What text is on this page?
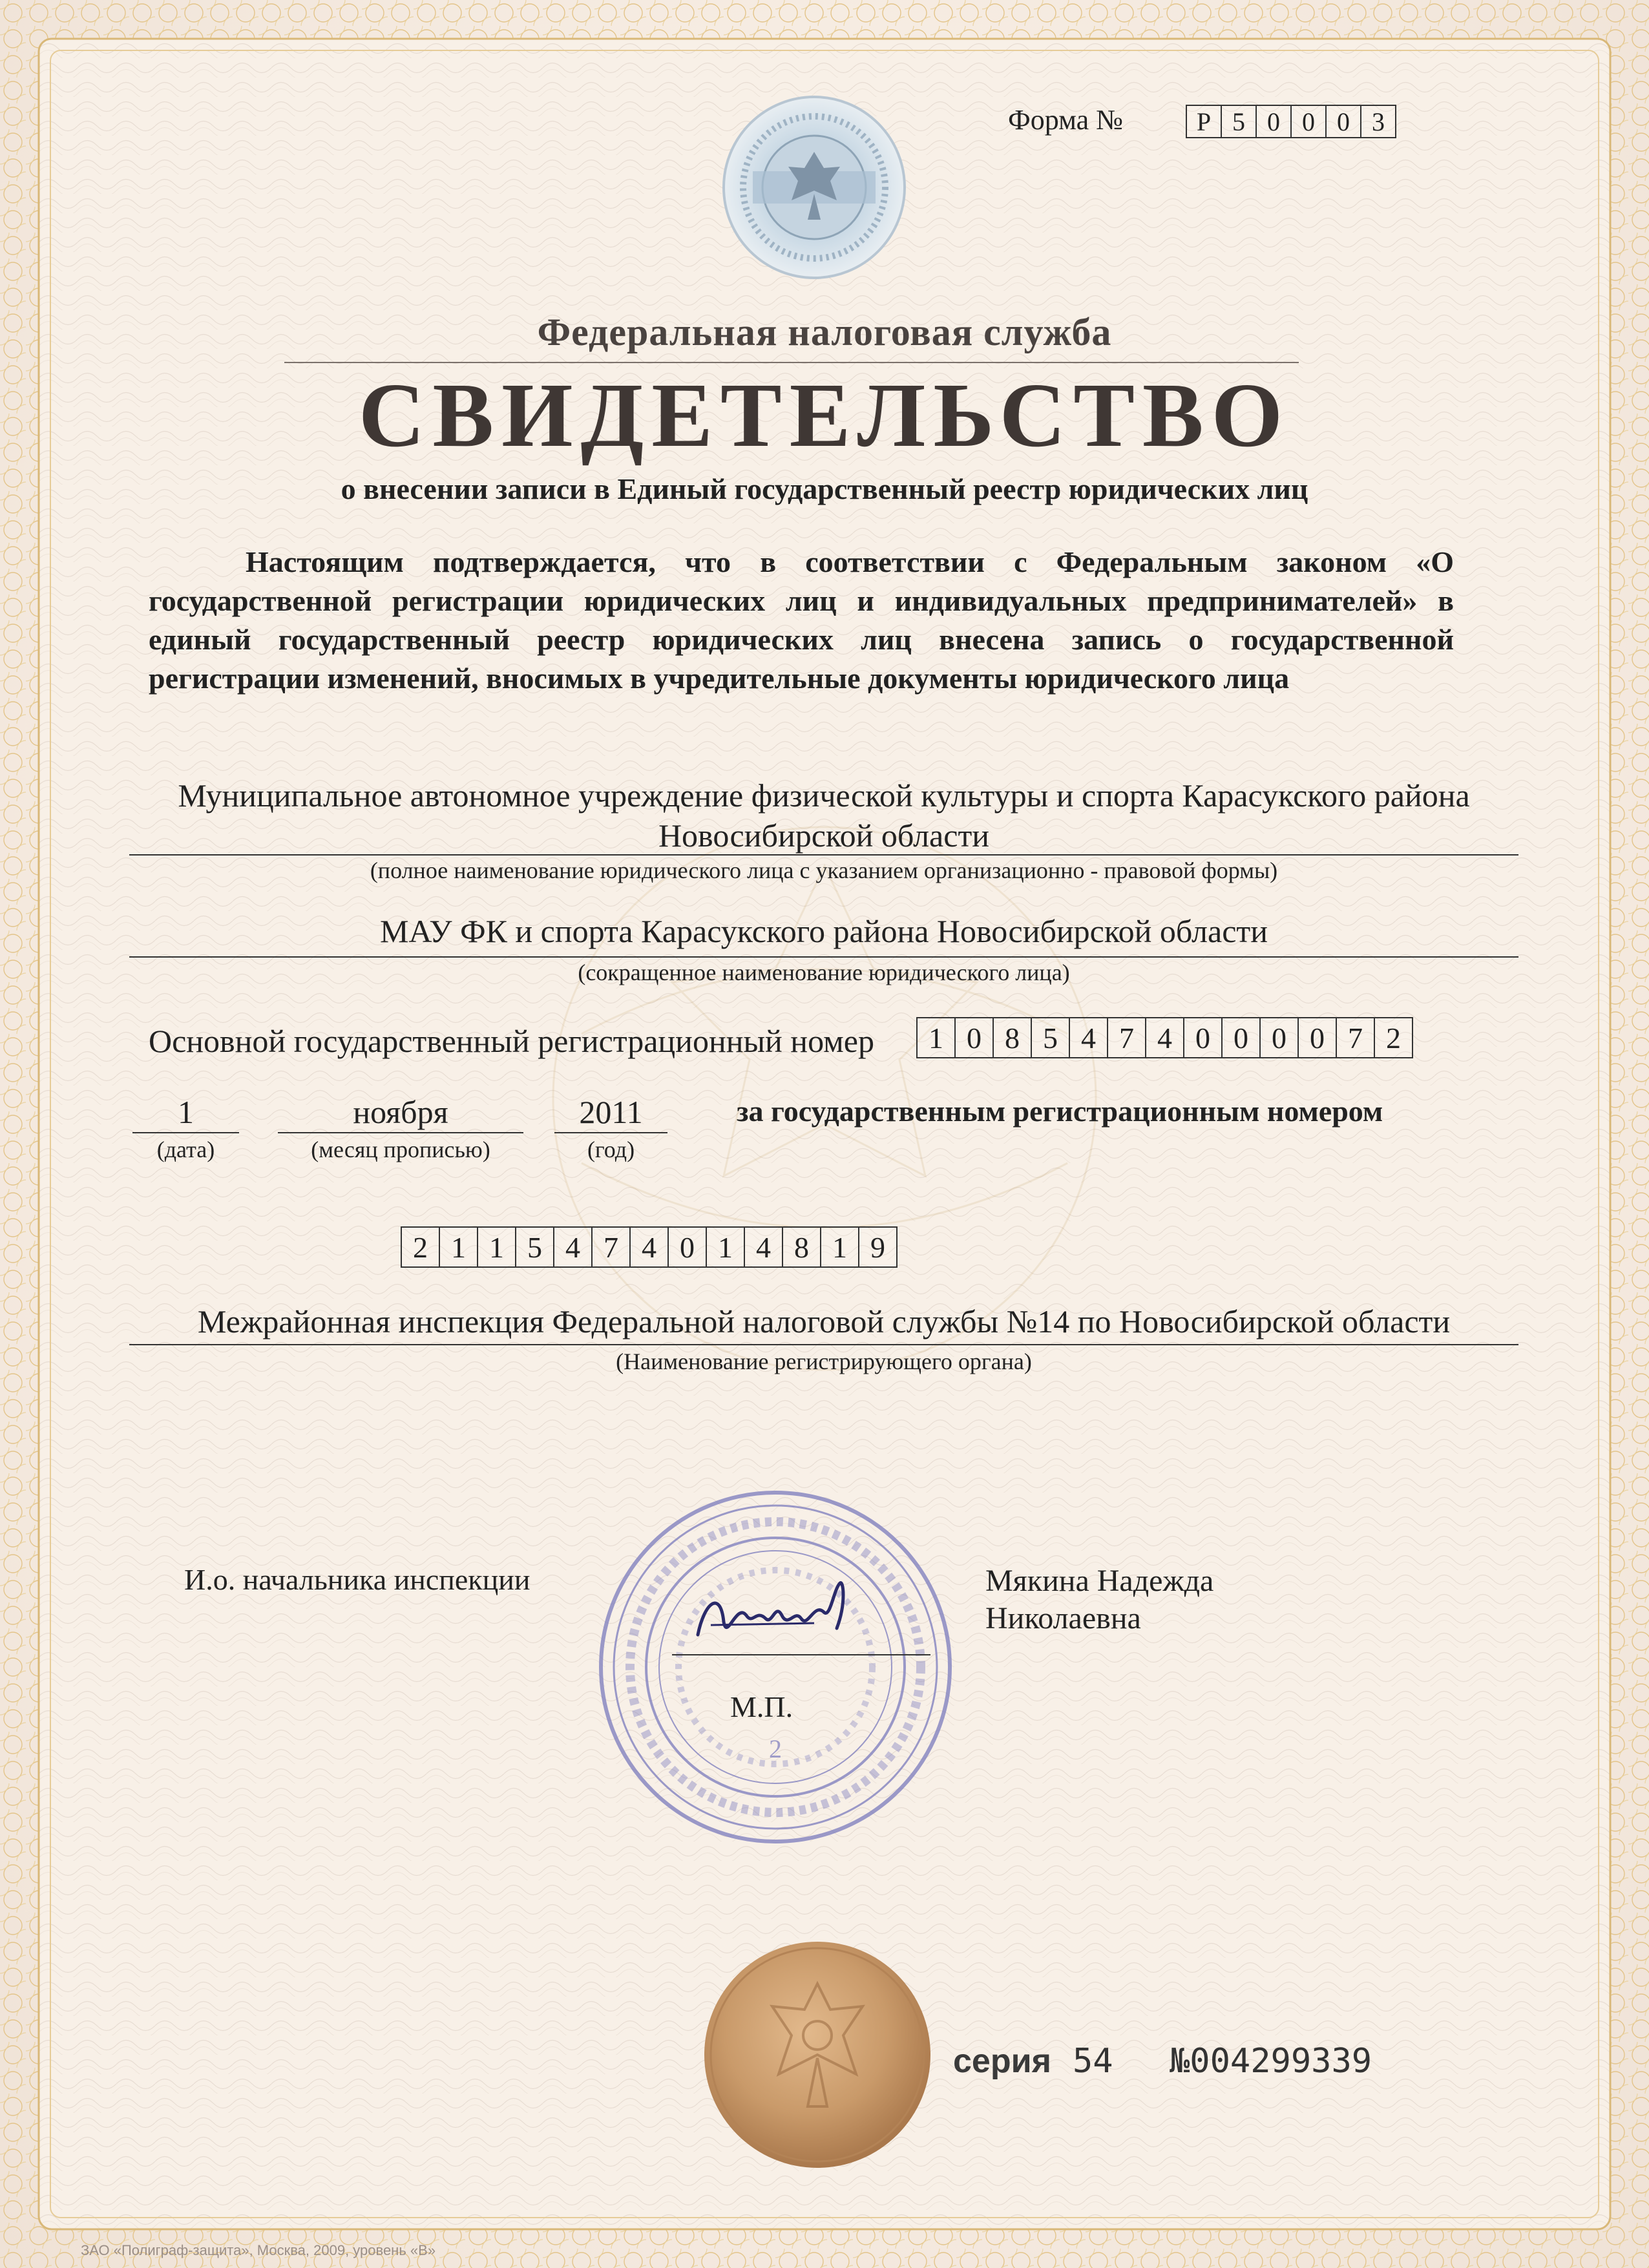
Форма №	Р 5 0 0 0 3
Федеральная налоговая служба
СВИДЕТЕЛЬСТВО
о внесении записи в Единый государственный реестр юридических лиц
Настоящим подтверждается, что в соответствии с Федеральным законом «О государственной регистрации юридических лиц и индивидуальных предпринимателей» в единый государственный реестр юридических лиц внесена запись о государственной регистрации изменений, вносимых в учредительные документы юридического лица
Муниципальное автономное учреждение физической культуры и спорта Карасукского района Новосибирской области
(полное наименование юридического лица с указанием организационно - правовой формы)
МАУ ФК и спорта Карасукского района Новосибирской области
(сокращенное наименование юридического лица)
Основной государственный регистрационный номер	1 0 8 5 4 7 4 0 0 0 0 7 2
1
(дата)
ноября
(месяц прописью)
2011
(год)
за государственным регистрационным номером
2 1 1 5 4 7 4 0 1 4 8 1 9
Межрайонная инспекция Федеральной налоговой службы №14 по Новосибирской области
(Наименование регистрирующего органа)
2
И.о. начальника инспекции	Мякина Надежда
Николаевна
М.П.
серия 54 №004299339
ЗАО «Полиграф-защита», Москва, 2009, уровень «В»
